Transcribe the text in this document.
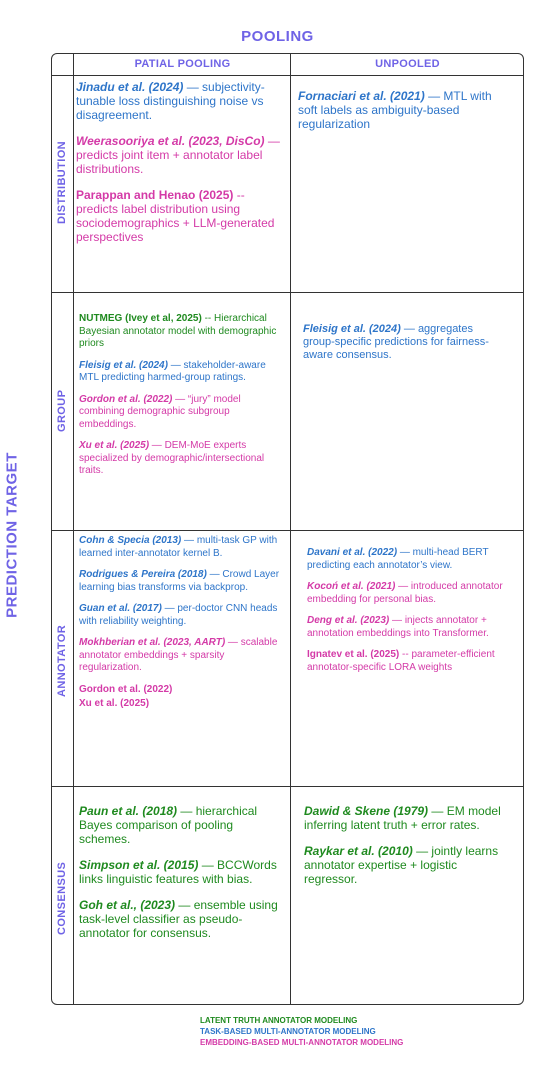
POOLING
PREDICTION TARGET
PATIAL POOLING	UNPOOLED
DISTRIBUTION
GROUP
ANNOTATOR
CONSENSUS
Jinadu et al. (2024) — subjectivity-tunable loss distinguishing noise vs disagreement.
Weerasooriya et al. (2023, DisCo) — predicts joint item + annotator label distributions.
Parappan and Henao (2025) -- predicts label distribution using sociodemographics + LLM-generated perspectives
Fornaciari et al. (2021) — MTL with soft labels as ambiguity-based regularization
NUTMEG (Ivey et al, 2025) -- Hierarchical Bayesian annotator model with demographic priors
Fleisig et al. (2024) — stakeholder-aware MTL predicting harmed-group ratings.
Gordon et al. (2022) — “jury” model combining demographic subgroup embeddings.
Xu et al. (2025) — DEM-MoE experts specialized by demographic/intersectional traits.
Fleisig et al. (2024) — aggregates group-specific predictions for fairness-aware consensus.
Cohn & Specia (2013) — multi-task GP with learned inter-annotator kernel B.
Rodrigues & Pereira (2018) — Crowd Layer learning bias transforms via backprop.
Guan et al. (2017) — per-doctor CNN heads with reliability weighting.
Mokhberian et al. (2023, AART) — scalable annotator embeddings + sparsity regularization.
Gordon et al. (2022)
Xu et al. (2025)
Davani et al. (2022) — multi-head BERT predicting each annotator’s view.
Kocoń et al. (2021) — introduced annotator embedding for personal bias.
Deng et al. (2023) — injects annotator + annotation embeddings into Transformer.
Ignatev et al. (2025) -- parameter-efficient annotator-specific LORA weights
Paun et al. (2018) — hierarchical Bayes comparison of pooling schemes.
Simpson et al. (2015) — BCCWords links linguistic features with bias.
Goh et al., (2023) — ensemble using task-level classifier as pseudo-annotator for consensus.
Dawid & Skene (1979) — EM model inferring latent truth + error rates.
Raykar et al. (2010) — jointly learns annotator expertise + logistic regressor.
LATENT TRUTH ANNOTATOR MODELING
TASK-BASED MULTI-ANNOTATOR MODELING
EMBEDDING-BASED MULTI-ANNOTATOR MODELING
